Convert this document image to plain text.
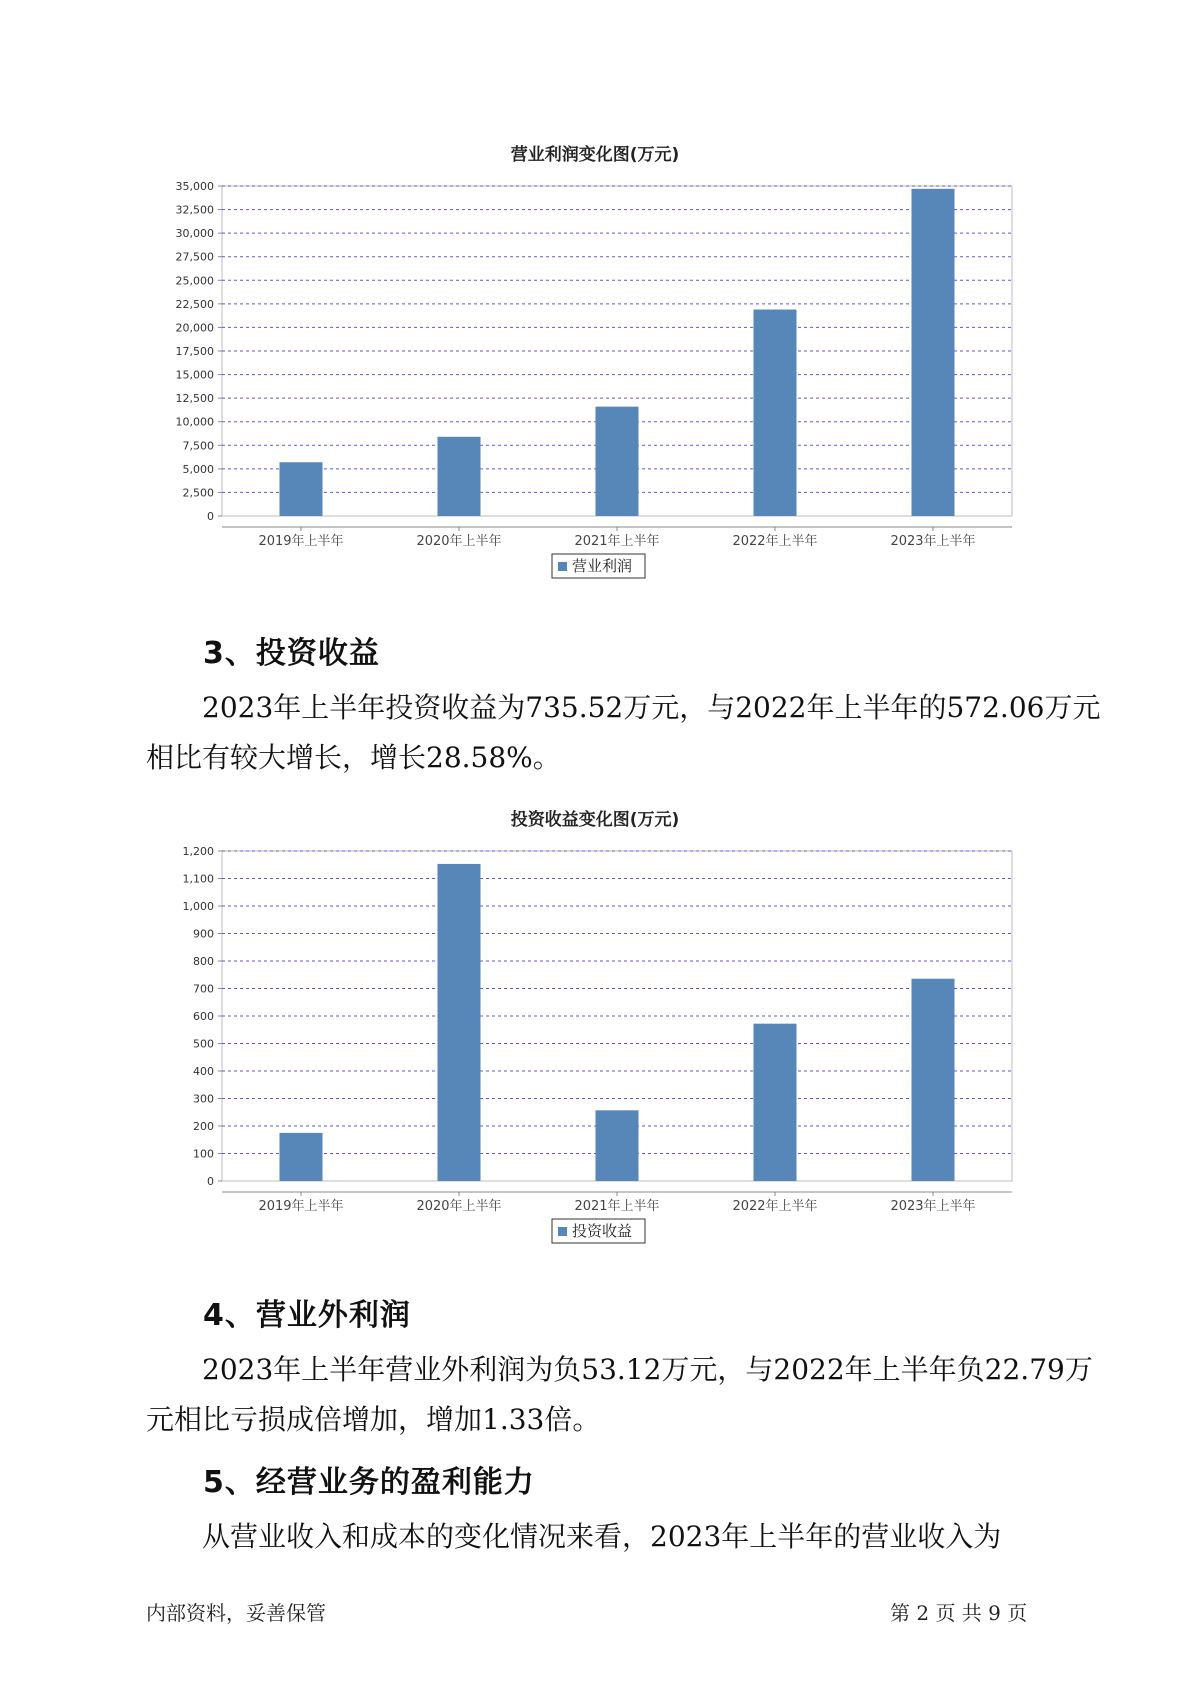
营业利润变化图(万元)
0
2,500
5,000
7,500
10,000
12,500
15,000
17,500
20,000
22,500
25,000
27,500
30,000
32,500
35,000
2019年上半年	2020年上半年	2021年上半年	2022年上半年	2023年上半年
营业利润
3、投资收益

2023年上半年投资收益为735.52万元，与2022年上半年的572.06万元

相比有较大增长，增长28.58%。

投资收益变化图(万元)
0
100
200
300
400
500
600
700
800
900
1,000
1,100
1,200
2019年上半年	2020年上半年	2021年上半年	2022年上半年	2023年上半年
投资收益
4、营业外利润

2023年上半年营业外利润为负53.12万元，与2022年上半年负22.79万

元相比亏损成倍增加，增加1.33倍。

5、经营业务的盈利能力

从营业收入和成本的变化情况来看，2023年上半年的营业收入为

内部资料，妥善保管	第 2 页 共 9 页
